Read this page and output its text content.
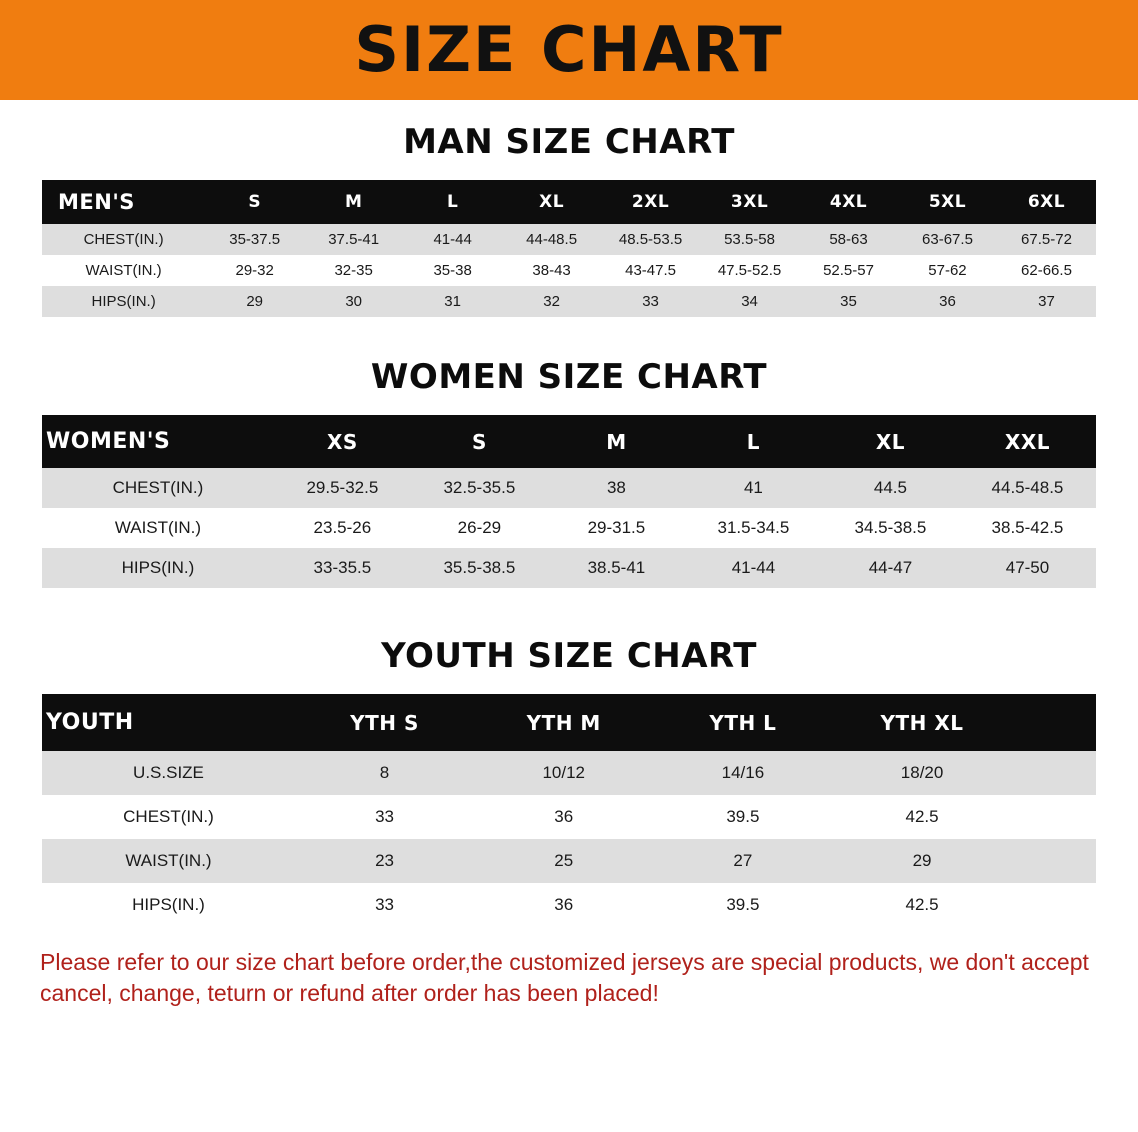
SIZE CHART
MAN SIZE CHART
MEN'S	S	M	L	XL	2XL	3XL	4XL	5XL	6XL
CHEST(IN.)	35-37.5	37.5-41	41-44	44-48.5	48.5-53.5	53.5-58	58-63	63-67.5	67.5-72
WAIST(IN.)	29-32	32-35	35-38	38-43	43-47.5	47.5-52.5	52.5-57	57-62	62-66.5
HIPS(IN.)	29	30	31	32	33	34	35	36	37
WOMEN SIZE CHART
WOMEN'S	XS	S	M	L	XL	XXL
CHEST(IN.)	29.5-32.5	32.5-35.5	38	41	44.5	44.5-48.5
WAIST(IN.)	23.5-26	26-29	29-31.5	31.5-34.5	34.5-38.5	38.5-42.5
HIPS(IN.)	33-35.5	35.5-38.5	38.5-41	41-44	44-47	47-50
YOUTH SIZE CHART
YOUTH	YTH S	YTH M	YTH L	YTH XL	
U.S.SIZE	8	10/12	14/16	18/20	
CHEST(IN.)	33	36	39.5	42.5	
WAIST(IN.)	23	25	27	29	
HIPS(IN.)	33	36	39.5	42.5	
Please refer to our size chart before order,the customized jerseys are special products, we don't accept cancel, change, teturn or refund after order has been placed!
